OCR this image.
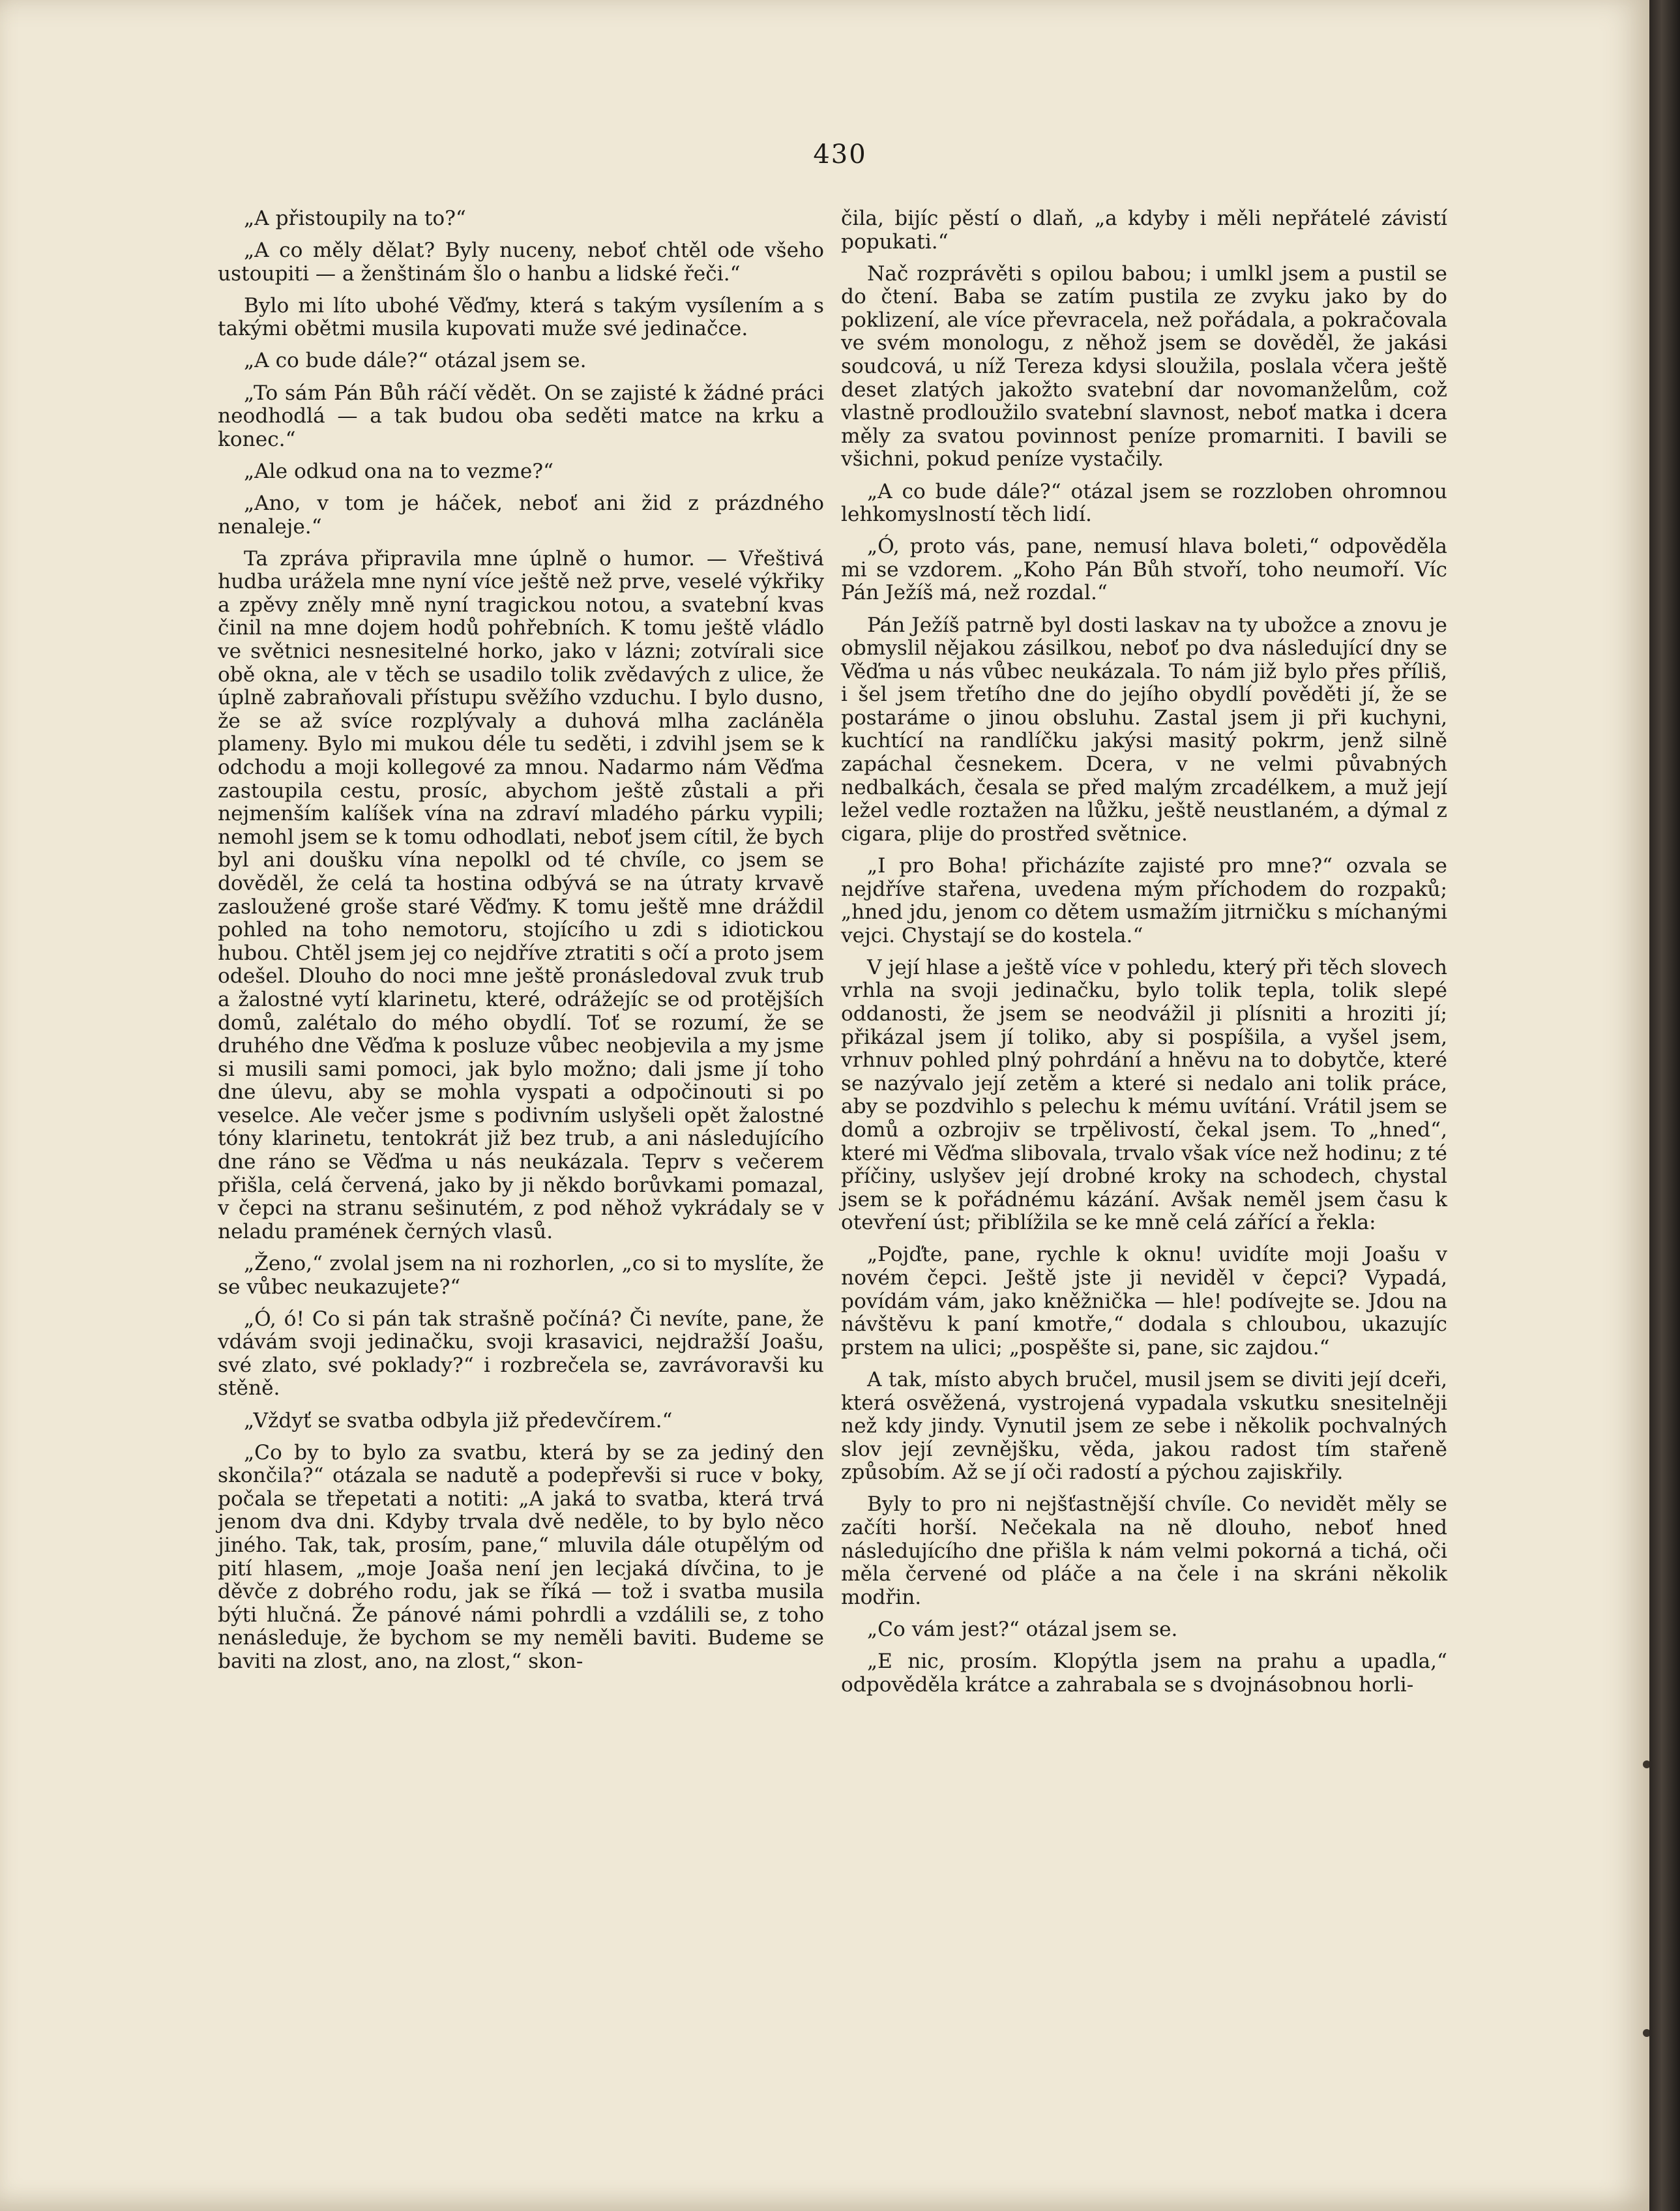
430

„A přistoupily na to?“

„A co měly dělat? Byly nuceny, neboť chtěl ode všeho ustoupiti — a ženštinám šlo o hanbu a lidské řeči.“

Bylo mi líto ubohé Věďmy, která s takým vysílením a s takými obětmi musila kupovati muže své jedinačce.

„A co bude dále?“ otázal jsem se.

„To sám Pán Bůh ráčí vědět. On se zajisté k žádné práci neodhodlá — a tak budou oba seděti matce na krku a konec.“

„Ale odkud ona na to vezme?“

„Ano, v tom je háček, neboť ani žid z prázdného nenaleje.“

Ta zpráva připravila mne úplně o humor. — Vřeštivá hudba urážela mne nyní více ještě než prve, veselé výkřiky a zpěvy zněly mně nyní tragickou notou, a svatební kvas činil na mne dojem hodů pohřebních. K tomu ještě vládlo ve světnici nesnesitelné horko, jako v lázni; zotvírali sice obě okna, ale v těch se usadilo tolik zvědavých z ulice, že úplně zabraňovali přístupu svěžího vzduchu. I bylo dusno, že se až svíce rozplývaly a duhová mlha zacláněla plameny. Bylo mi mukou déle tu seděti, i zdvihl jsem se k odchodu a moji kollegové za mnou. Nadarmo nám Věďma zastoupila cestu, prosíc, abychom ještě zůstali a při nejmenším kalíšek vína na zdraví mladého párku vypili; nemohl jsem se k tomu odhodlati, neboť jsem cítil, že bych byl ani doušku vína nepolkl od té chvíle, co jsem se dověděl, že celá ta hostina odbývá se na útraty krvavě zasloužené groše staré Věďmy. K tomu ještě mne dráždil pohled na toho nemotoru, stojícího u zdi s idiotickou hubou. Chtěl jsem jej co nejdříve ztratiti s očí a proto jsem odešel. Dlouho do noci mne ještě pronásledoval zvuk trub a žalostné vytí klarinetu, které, odrážejíc se od protějších domů, zalétalo do mého obydlí. Toť se rozumí, že se druhého dne Věďma k posluze vůbec neobjevila a my jsme si musili sami pomoci, jak bylo možno; dali jsme jí toho dne úlevu, aby se mohla vyspati a odpočinouti si po veselce. Ale večer jsme s podivním uslyšeli opět žalostné tóny klarinetu, tentokrát již bez trub, a ani následujícího dne ráno se Věďma u nás neukázala. Teprv s večerem přišla, celá červená, jako by ji někdo borůvkami pomazal, v čepci na stranu sešinutém, z pod něhož vykrádaly se v neladu pramének černých vlasů.

„Ženo,“ zvolal jsem na ni rozhorlen, „co si to myslíte, že se vůbec neukazujete?“

„Ó, ó! Co si pán tak strašně počíná? Či nevíte, pane, že vdávám svoji jedinačku, svoji krasavici, nejdražší Joašu, své zlato, své poklady?“ i rozbrečela se, zavrávoravši ku stěně.

„Vždyť se svatba odbyla již předevčírem.“

„Co by to bylo za svatbu, která by se za jediný den skončila?“ otázala se nadutě a podepřevši si ruce v boky, počala se třepetati a notiti: „A jaká to svatba, která trvá jenom dva dni. Kdyby trvala dvě neděle, to by bylo něco jiného. Tak, tak, prosím, pane,“ mluvila dále otupělým od pití hlasem, „moje Joaša není jen lecjaká dívčina, to je děvče z dobrého rodu, jak se říká — tož i svatba musila býti hlučná. Že pánové námi pohrdli a vzdálili se, z toho nenásleduje, že bychom se my neměli baviti. Budeme se baviti na zlost, ano, na zlost,“ skon-

čila, bijíc pěstí o dlaň, „a kdyby i měli nepřátelé závistí popukati.“

Nač rozprávěti s opilou babou; i umlkl jsem a pustil se do čtení. Baba se zatím pustila ze zvyku jako by do poklizení, ale více převracela, než pořádala, a pokračovala ve svém monologu, z něhož jsem se dověděl, že jakási soudcová, u níž Tereza kdysi sloužila, poslala včera ještě deset zlatých jakožto svatební dar novomanželům, což vlastně prodloužilo svatební slavnost, neboť matka i dcera měly za svatou povinnost peníze promarniti. I bavili se všichni, pokud peníze vystačily.

„A co bude dále?“ otázal jsem se rozzloben ohromnou lehkomyslností těch lidí.

„Ó, proto vás, pane, nemusí hlava boleti,“ odpověděla mi se vzdorem. „Koho Pán Bůh stvoří, toho neumoří. Víc Pán Ježíš má, než rozdal.“

Pán Ježíš patrně byl dosti laskav na ty ubožce a znovu je obmyslil nějakou zásilkou, neboť po dva následující dny se Věďma u nás vůbec neukázala. To nám již bylo přes příliš, i šel jsem třetího dne do jejího obydlí pověděti jí, že se postaráme o jinou obsluhu. Zastal jsem ji při kuchyni, kuchtící na randlíčku jakýsi masitý pokrm, jenž silně zapáchal česnekem. Dcera, v ne velmi půvabných nedbalkách, česala se před malým zrcadélkem, a muž její ležel vedle roztažen na lůžku, ještě neustlaném, a dýmal z cigara, plije do prostřed světnice.

„I pro Boha! přicházíte zajisté pro mne?“ ozvala se nejdříve stařena, uvedena mým příchodem do rozpaků; „hned jdu, jenom co dětem usmažím jitrničku s míchanými vejci. Chystají se do kostela.“

V její hlase a ještě více v pohledu, který při těch slovech vrhla na svoji jedinačku, bylo tolik tepla, tolik slepé oddanosti, že jsem se neodvážil ji plísniti a hroziti jí; přikázal jsem jí toliko, aby si pospíšila, a vyšel jsem, vrhnuv pohled plný pohrdání a hněvu na to dobytče, které se nazývalo její zetěm a které si nedalo ani tolik práce, aby se pozdvihlo s pelechu k mému uvítání. Vrátil jsem se domů a ozbrojiv se trpělivostí, čekal jsem. To „hned“, které mi Věďma slibovala, trvalo však více než hodinu; z té příčiny, uslyšev její drobné kroky na schodech, chystal jsem se k pořádnému kázání. Avšak neměl jsem času k otevření úst; přiblížila se ke mně celá zářící a řekla:

„Pojďte, pane, rychle k oknu! uvidíte moji Joašu v novém čepci. Ještě jste ji neviděl v čepci? Vypadá, povídám vám, jako kněžnička — hle! podívejte se. Jdou na návštěvu k paní kmotře,“ dodala s chloubou, ukazujíc prstem na ulici; „pospěšte si, pane, sic zajdou.“

A tak, místo abych bručel, musil jsem se diviti její dceři, která osvěžená, vystrojená vypadala vskutku snesitelněji než kdy jindy. Vynutil jsem ze sebe i několik pochvalných slov její zevnějšku, věda, jakou radost tím stařeně způsobím. Až se jí oči radostí a pýchou zajiskřily.

Byly to pro ni nejšťastnější chvíle. Co nevidět měly se začíti horší. Nečekala na ně dlouho, neboť hned následujícího dne přišla k nám velmi pokorná a tichá, oči měla červené od pláče a na čele i na skráni několik modřin.

„Co vám jest?“ otázal jsem se.

„E nic, prosím. Klopýtla jsem na prahu a upadla,“ odpověděla krátce a zahrabala se s dvojnásobnou horli-
